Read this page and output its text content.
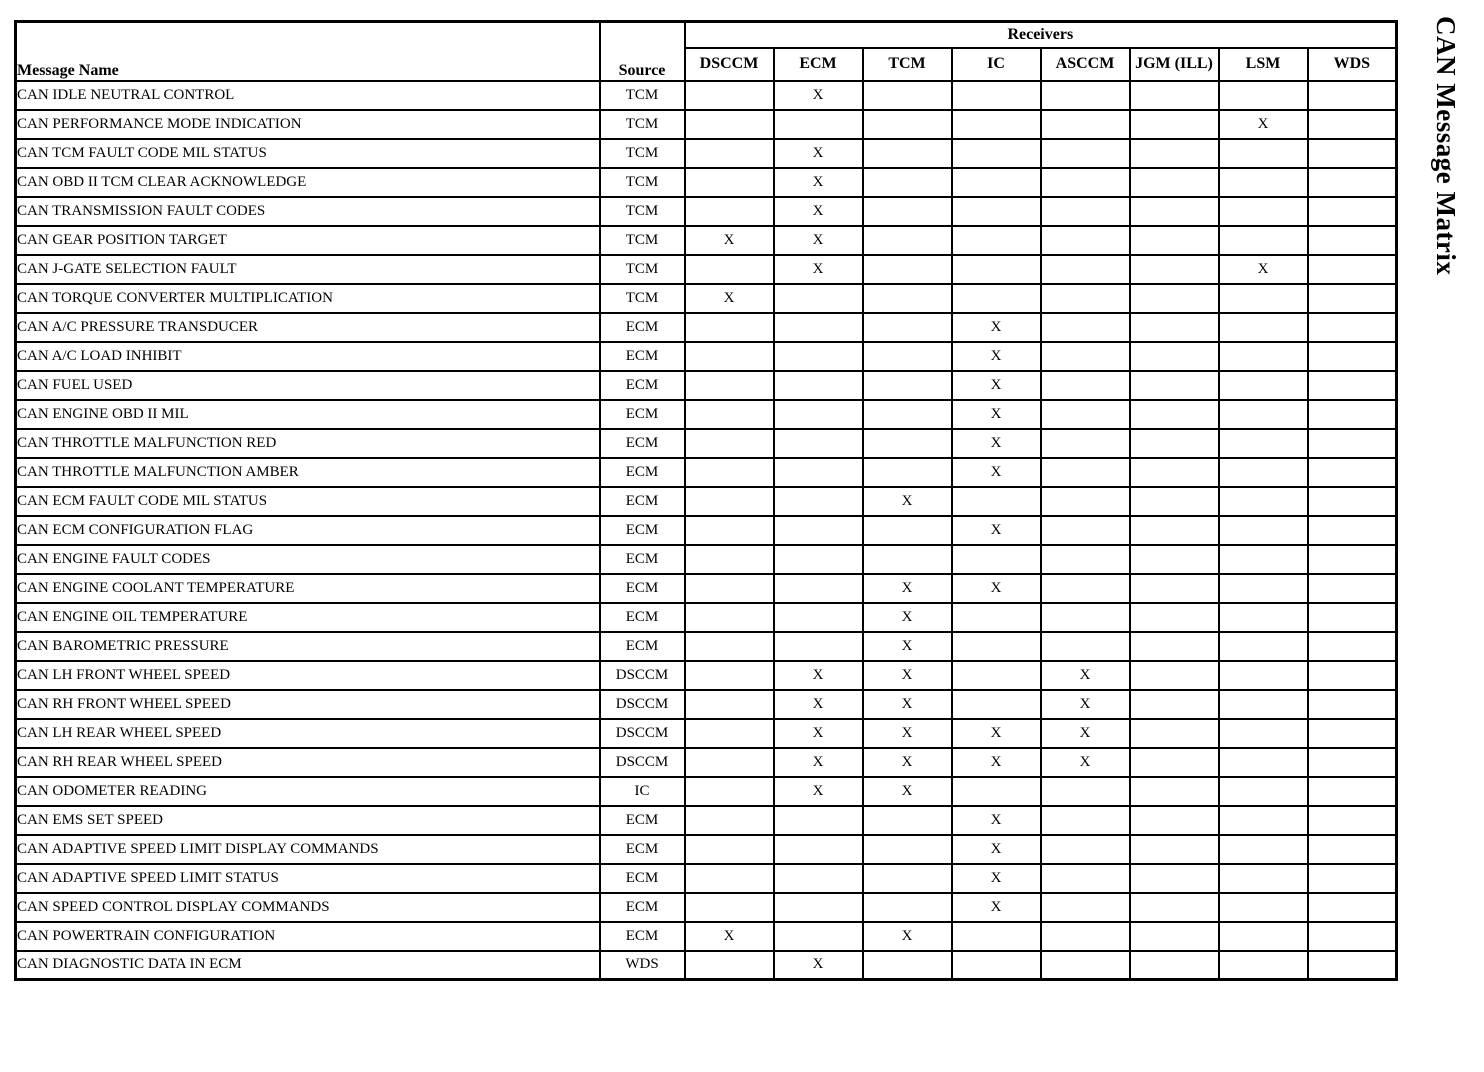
Message Name	Source	Receivers							
		DSCCM	ECM	TCM	IC	ASCCM	JGM (ILL)	LSM	WDS
CAN IDLE NEUTRAL CONTROL	TCM		X						
CAN PERFORMANCE MODE INDICATION	TCM							X	
CAN TCM FAULT CODE MIL STATUS	TCM		X						
CAN OBD II TCM CLEAR ACKNOWLEDGE	TCM		X						
CAN TRANSMISSION FAULT CODES	TCM		X						
CAN GEAR POSITION TARGET	TCM	X	X						
CAN J-GATE SELECTION FAULT	TCM		X					X	
CAN TORQUE CONVERTER MULTIPLICATION	TCM	X							
CAN A/C PRESSURE TRANSDUCER	ECM				X				
CAN A/C LOAD INHIBIT	ECM				X				
CAN FUEL USED	ECM				X				
CAN ENGINE OBD II MIL	ECM				X				
CAN THROTTLE MALFUNCTION RED	ECM				X				
CAN THROTTLE MALFUNCTION AMBER	ECM				X				
CAN ECM FAULT CODE MIL STATUS	ECM			X					
CAN ECM CONFIGURATION FLAG	ECM				X				
CAN ENGINE FAULT CODES	ECM								
CAN ENGINE COOLANT TEMPERATURE	ECM			X	X				
CAN ENGINE OIL TEMPERATURE	ECM			X					
CAN BAROMETRIC PRESSURE	ECM			X					
CAN LH FRONT WHEEL SPEED	DSCCM		X	X		X			
CAN RH FRONT WHEEL SPEED	DSCCM		X	X		X			
CAN LH REAR WHEEL SPEED	DSCCM		X	X	X	X			
CAN RH REAR WHEEL SPEED	DSCCM		X	X	X	X			
CAN ODOMETER READING	IC		X	X					
CAN EMS SET SPEED	ECM				X				
CAN ADAPTIVE SPEED LIMIT DISPLAY COMMANDS	ECM				X				
CAN ADAPTIVE SPEED LIMIT STATUS	ECM				X				
CAN SPEED CONTROL DISPLAY COMMANDS	ECM				X				
CAN POWERTRAIN CONFIGURATION	ECM	X		X					
CAN DIAGNOSTIC DATA IN ECM	WDS		X						
CAN Message Matrix
